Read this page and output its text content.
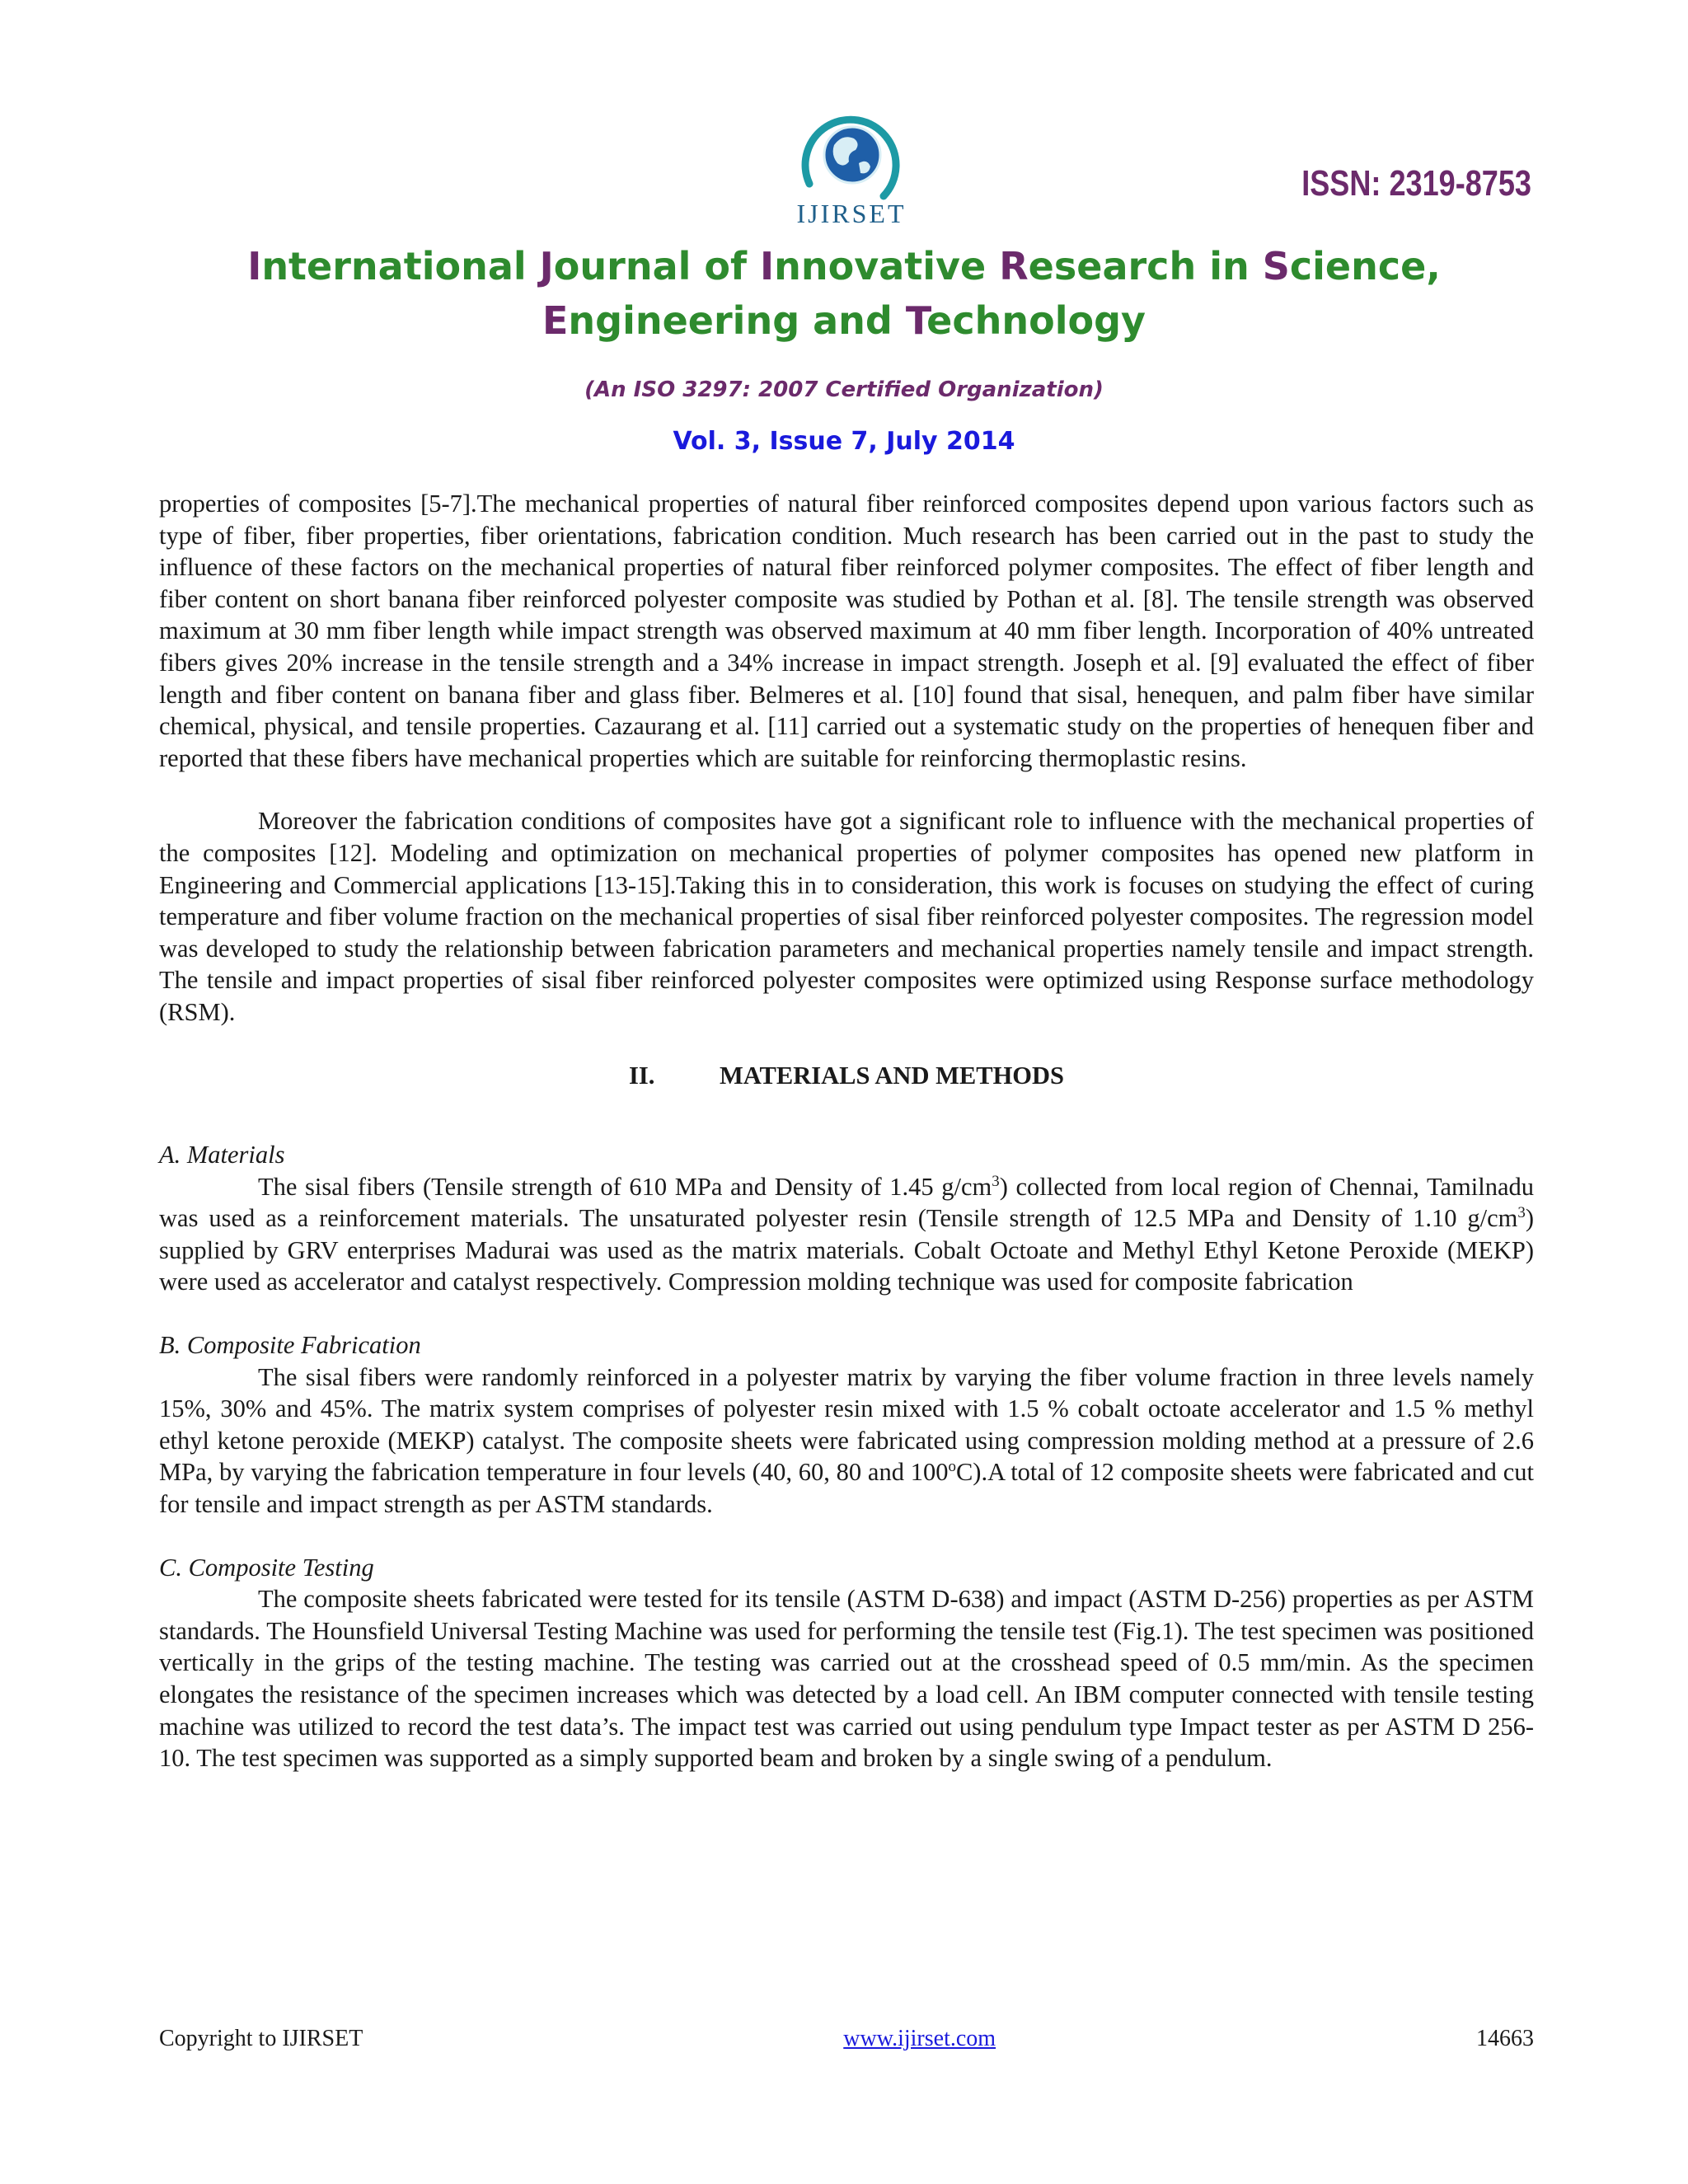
IJIRSET
ISSN: 2319-8753
International Journal of Innovative Research in Science,
Engineering and Technology
(An ISO 3297: 2007 Certified Organization)
Vol. 3, Issue 7, July 2014

properties of composites [5-7].The mechanical properties of natural fiber reinforced composites depend upon various factors such as type of fiber, fiber properties, fiber orientations, fabrication condition. Much research has been carried out in the past to study the influence of these factors on the mechanical properties of natural fiber reinforced polymer composites. The effect of fiber length and fiber content on short banana fiber reinforced polyester composite was studied by Pothan et al. [8]. The tensile strength was observed maximum at 30 mm fiber length while impact strength was observed maximum at 40 mm fiber length. Incorporation of 40% untreated fibers gives 20% increase in the tensile strength and a 34% increase in impact strength. Joseph et al. [9] evaluated the effect of fiber length and fiber content on banana fiber and glass fiber. Belmeres et al. [10] found that sisal, henequen, and palm fiber have similar chemical, physical, and tensile properties. Cazaurang et al. [11] carried out a systematic study on the properties of henequen fiber and reported that these fibers have mechanical properties which are suitable for reinforcing thermoplastic resins.

Moreover the fabrication conditions of composites have got a significant role to influence with the mechanical properties of the composites [12]. Modeling and optimization on mechanical properties of polymer composites has opened new platform in Engineering and Commercial applications [13-15].Taking this in to consideration, this work is focuses on studying the effect of curing temperature and fiber volume fraction on the mechanical properties of sisal fiber reinforced polyester composites. The regression model was developed to study the relationship between fabrication parameters and mechanical properties namely tensile and impact strength. The tensile and impact properties of sisal fiber reinforced polyester composites were optimized using Response surface methodology (RSM).

II.	MATERIALS AND METHODS

A. Materials

The sisal fibers (Tensile strength of 610 MPa and Density of 1.45 $g/cm^3$) collected from local region of Chennai, Tamilnadu was used as a reinforcement materials. The unsaturated polyester resin (Tensile strength of 12.5 MPa and Density of 1.10 $g/cm^3$) supplied by GRV enterprises Madurai was used as the matrix materials. Cobalt Octoate and Methyl Ethyl Ketone Peroxide (MEKP) were used as accelerator and catalyst respectively. Compression molding technique was used for composite fabrication

B. Composite Fabrication

The sisal fibers were randomly reinforced in a polyester matrix by varying the fiber volume fraction in three levels namely 15%, 30% and 45%. The matrix system comprises of polyester resin mixed with 1.5 % cobalt octoate accelerator and 1.5 % methyl ethyl ketone peroxide (MEKP) catalyst. The composite sheets were fabricated using compression molding method at a pressure of 2.6 MPa, by varying the fabrication temperature in four levels (40, 60, 80 and 100$^o$C).A total of 12 composite sheets were fabricated and cut for tensile and impact strength as per ASTM standards.

C. Composite Testing

The composite sheets fabricated were tested for its tensile (ASTM D-638) and impact (ASTM D-256) properties as per ASTM standards. The Hounsfield Universal Testing Machine was used for performing the tensile test (Fig.1). The test specimen was positioned vertically in the grips of the testing machine. The testing was carried out at the crosshead speed of 0.5 mm/min. As the specimen elongates the resistance of the specimen increases which was detected by a load cell. An IBM computer connected with tensile testing machine was utilized to record the test data’s. The impact test was carried out using pendulum type Impact tester as per ASTM D 256-10. The test specimen was supported as a simply supported beam and broken by a single swing of a pendulum.

Copyright to IJIRSET	www.ijirset.com	14663
